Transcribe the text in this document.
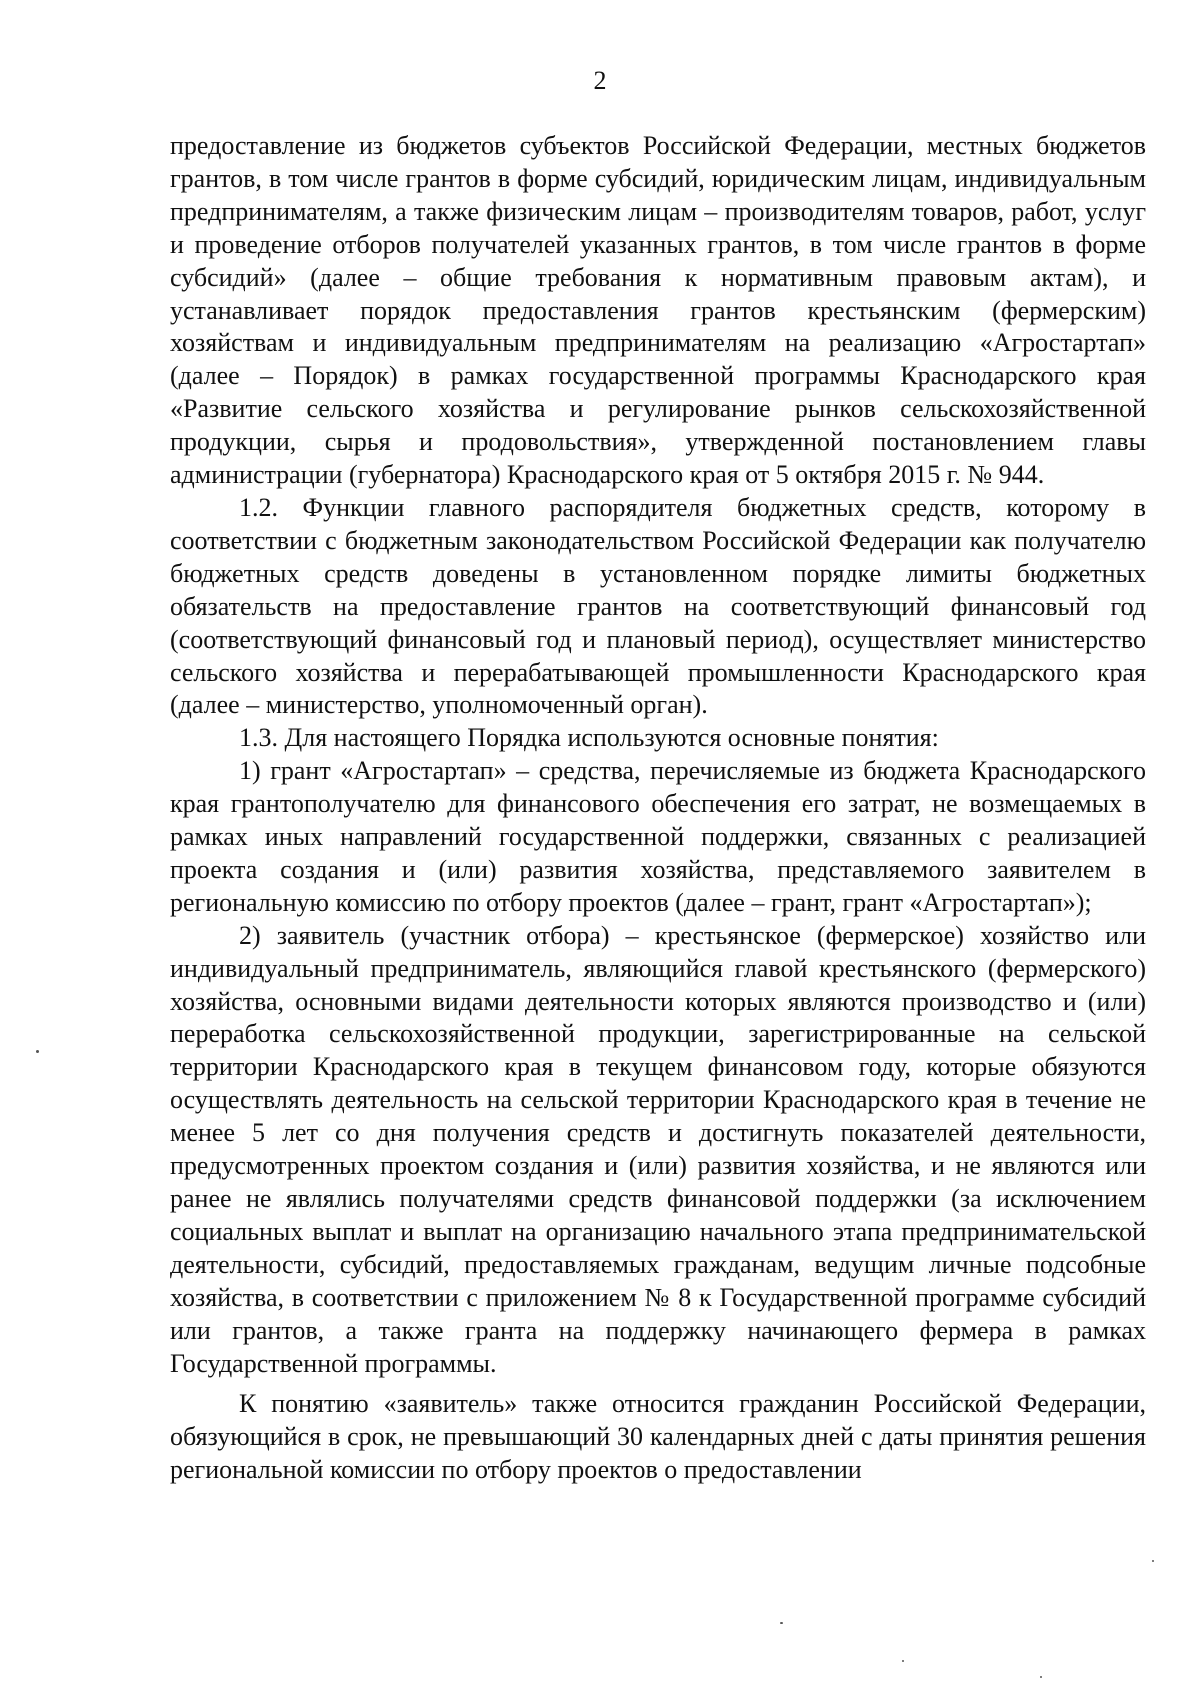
2

предоставление из бюджетов субъектов Российской Федерации, местных бюджетов грантов, в том числе грантов в форме субсидий, юридическим лицам, индивидуальным предпринимателям, а также физическим лицам – производителям товаров, работ, услуг и проведение отборов получателей указанных грантов, в том числе грантов в форме субсидий» (далее – общие требования к нормативным правовым актам), и устанавливает порядок предоставления грантов крестьянским (фермерским) хозяйствам и индивидуальным предпринимателям на реализацию «Агростартап» (далее – Порядок) в рамках государственной программы Краснодарского края «Развитие сельского хозяйства и регулирование рынков сельскохозяйственной продукции, сырья и продовольствия», утвержденной постановлением главы администрации (губернатора) Краснодарского края от 5 октября 2015 г. № 944.

1.2. Функции главного распорядителя бюджетных средств, которому в соответствии с бюджетным законодательством Российской Федерации как получателю бюджетных средств доведены в установленном порядке лимиты бюджетных обязательств на предоставление грантов на соответствующий финансовый год (соответствующий финансовый год и плановый период), осуществляет министерство сельского хозяйства и перерабатывающей промышленности Краснодарского края (далее – министерство, уполномоченный орган).

1.3. Для настоящего Порядка используются основные понятия:

1) грант «Агростартап» – средства, перечисляемые из бюджета Краснодарского края грантополучателю для финансового обеспечения его затрат, не возмещаемых в рамках иных направлений государственной поддержки, связанных с реализацией проекта создания и (или) развития хозяйства, представляемого заявителем в региональную комиссию по отбору проектов (далее – грант, грант «Агростартап»);

2) заявитель (участник отбора) – крестьянское (фермерское) хозяйство или индивидуальный предприниматель, являющийся главой крестьянского (фермерского) хозяйства, основными видами деятельности которых являются производство и (или) переработка сельскохозяйственной продукции, зарегистрированные на сельской территории Краснодарского края в текущем финансовом году, которые обязуются осуществлять деятельность на сельской территории Краснодарского края в течение не менее 5 лет со дня получения средств и достигнуть показателей деятельности, предусмотренных проектом создания и (или) развития хозяйства, и не являются или ранее не являлись получателями средств финансовой поддержки (за исключением социальных выплат и выплат на организацию начального этапа предпринимательской деятельности, субсидий, предоставляемых гражданам, ведущим личные подсобные хозяйства, в соответствии с приложением № 8 к Государственной программе субсидий или грантов, а также гранта на поддержку начинающего фермера в рамках Государственной программы.

К понятию «заявитель» также относится гражданин Российской Федерации, обязующийся в срок, не превышающий 30 календарных дней с даты принятия решения региональной комиссии по отбору проектов о предоставлении
